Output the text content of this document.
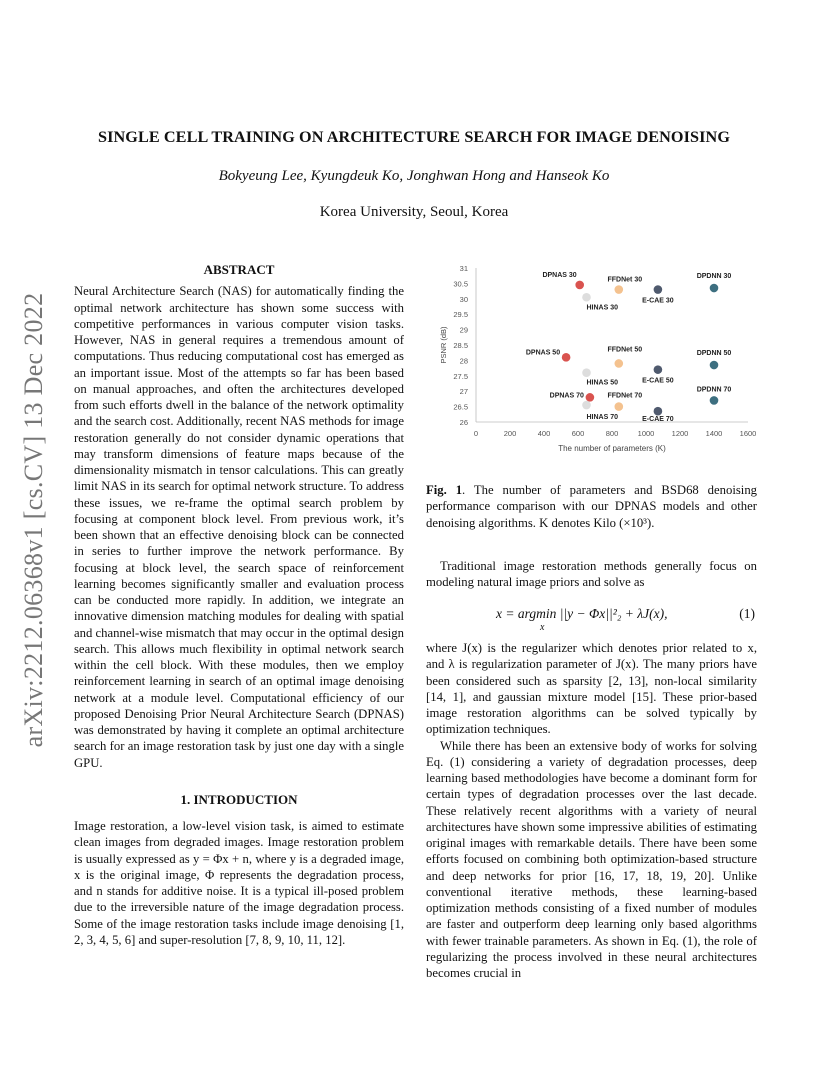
arXiv:2212.06368v1 [cs.CV] 13 Dec 2022
SINGLE CELL TRAINING ON ARCHITECTURE SEARCH FOR IMAGE DENOISING
Bokyeung Lee, Kyungdeuk Ko, Jonghwan Hong and Hanseok Ko
Korea University, Seoul, Korea
ABSTRACT

Neural Architecture Search (NAS) for automatically finding the optimal network architecture has shown some success with competitive performances in various computer vision tasks. However, NAS in general requires a tremendous amount of computations. Thus reducing computational cost has emerged as an important issue. Most of the attempts so far has been based on manual approaches, and often the architectures developed from such efforts dwell in the balance of the network optimality and the search cost. Additionally, recent NAS methods for image restoration generally do not consider dynamic operations that may transform dimensions of feature maps because of the dimensionality mismatch in tensor calculations. This can greatly limit NAS in its search for optimal network structure. To address these issues, we re-frame the optimal search problem by focusing at component block level. From previous work, it’s been shown that an effective denoising block can be connected in series to further improve the network performance. By focusing at block level, the search space of reinforcement learning becomes significantly smaller and evaluation process can be conducted more rapidly. In addition, we integrate an innovative dimension matching modules for dealing with spatial and channel-wise mismatch that may occur in the optimal design search. This allows much flexibility in optimal network search within the cell block. With these modules, then we employ reinforcement learning in search of an optimal image denoising network at a module level. Computational efficiency of our proposed Denoising Prior Neural Architecture Search (DPNAS) was demonstrated by having it complete an optimal architecture search for an image restoration task by just one day with a single GPU.

1. INTRODUCTION

Image restoration, a low-level vision task, is aimed to estimate clean images from degraded images. Image restoration problem is usually expressed as y = Φx + n, where y is a degraded image, x is the original image, Φ represents the degradation process, and n stands for additive noise. It is a typical ill-posed problem due to the irreversible nature of the image degradation process. Some of the image restoration tasks include image denoising [1, 2, 3, 4, 5, 6] and super-resolution [7, 8, 9, 10, 11, 12].

26
26.5
27
27.5
28
28.5
29
29.5
30
30.5
31
0	200	400	600	800	1000 1200 1400 1600
The number of parameters (K)
PSNR (dB)
DPNAS 30
HINAS 30
FFDNet 30
E-CAE 30
DPDNN 30
DPNAS 50
HINAS 50
FFDNet 50
E-CAE 50
DPDNN 50
DPNAS 70
HINAS 70
FFDNet 70
E-CAE 70
DPDNN 70
Fig. 1. The number of parameters and BSD68 denoising performance comparison with our DPNAS models and other denoising algorithms. K denotes Kilo (×10³).

Traditional image restoration methods generally focus on modeling natural image priors and solve as

x = argmin ||y − Φx||²₂ + λJ(x),
x
(1)

where J(x) is the regularizer which denotes prior related to x, and λ is regularization parameter of J(x). The many priors have been considered such as sparsity [2, 13], non-local similarity [14, 1], and gaussian mixture model [15]. These prior-based image restoration algorithms can be solved typically by optimization techniques.

While there has been an extensive body of works for solving Eq. (1) considering a variety of degradation processes, deep learning based methodologies have become a dominant form for certain types of degradation processes over the last decade. These relatively recent algorithms with a variety of neural architectures have shown some impressive abilities of estimating original images with remarkable details. There have been some efforts focused on combining both optimization-based structure and deep networks for prior [16, 17, 18, 19, 20]. Unlike conventional iterative methods, these learning-based optimization methods consisting of a fixed number of modules are faster and outperform deep learning only based algorithms with fewer trainable parameters. As shown in Eq. (1), the role of regularizing the process involved in these neural architectures becomes crucial in
